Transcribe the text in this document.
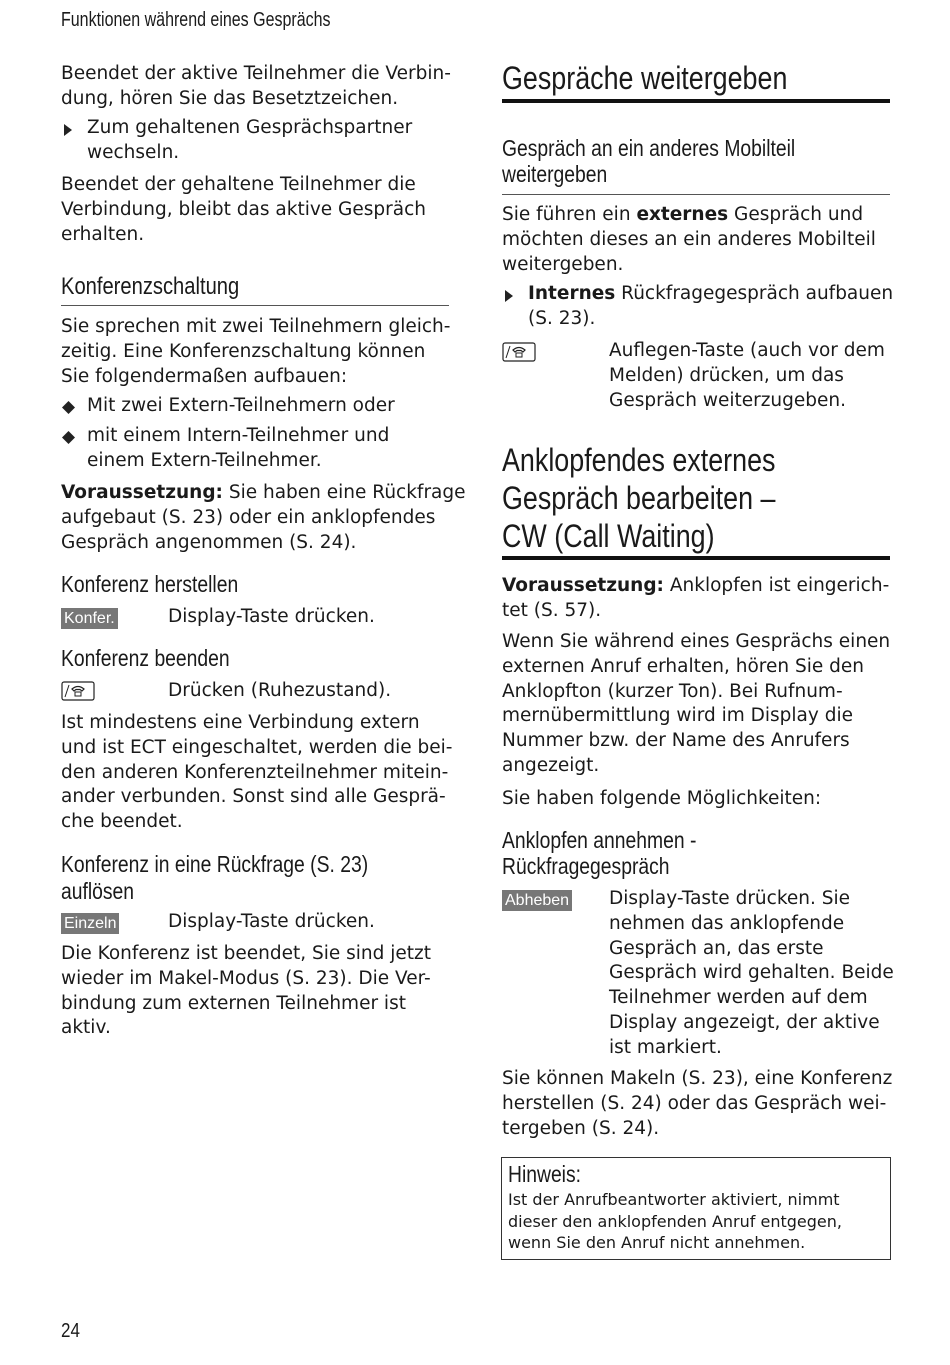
Funktionen während eines Gesprächs

Beendet der aktive Teilnehmer die Verbin-
dung, hören Sie das Besetztzeichen.

Zum gehaltenen Gesprächspartner
wechseln.

Beendet der gehaltene Teilnehmer die
Verbindung, bleibt das aktive Gespräch
erhalten.

Konferenzschaltung

Sie sprechen mit zwei Teilnehmern gleich-
zeitig. Eine Konferenzschaltung können
Sie folgendermaßen aufbauen:

Mit zwei Extern-Teilnehmern oder

mit einem Intern-Teilnehmer und
einem Extern-Teilnehmer.

Voraussetzung: Sie haben eine Rückfrage
aufgebaut (S. 23) oder ein anklopfendes
Gespräch angenommen (S. 24).

Konferenz herstellen
Konfer.	Display-Taste drücken.
Konferenz beenden
Drücken (Ruhezustand).

Ist mindestens eine Verbindung extern
und ist ECT eingeschaltet, werden die bei-
den anderen Konferenzteilnehmer mitein-
ander verbunden. Sonst sind alle Gesprä-
che beendet.

Konferenz in eine Rückfrage (S. 23)
auflösen
Einzeln	Display-Taste drücken.

Die Konferenz ist beendet, Sie sind jetzt
wieder im Makel-Modus (S. 23). Die Ver-
bindung zum externen Teilnehmer ist
aktiv.

Gespräche weitergeben
Gespräch an ein anderes Mobilteil
weitergeben

Sie führen ein externes Gespräch und
möchten dieses an ein anderes Mobilteil
weitergeben.

Internes Rückfragegespräch aufbauen
(S. 23).

Auflegen-Taste (auch vor dem
Melden) drücken, um das
Gespräch weiterzugeben.

Anklopfendes externes
Gespräch bearbeiten –
CW (Call Waiting)

Voraussetzung: Anklopfen ist eingerich-
tet (S. 57).

Wenn Sie während eines Gesprächs einen
externen Anruf erhalten, hören Sie den
Anklopfton (kurzer Ton). Bei Rufnum-
mernübermittlung wird im Display die
Nummer bzw. der Name des Anrufers
angezeigt.

Sie haben folgende Möglichkeiten:

Anklopfen annehmen -
Rückfragegespräch
Abheben Display-Taste drücken. Sie
nehmen das anklopfende
Gespräch an, das erste
Gespräch wird gehalten. Beide
Teilnehmer werden auf dem
Display angezeigt, der aktive
ist markiert.

Sie können Makeln (S. 23), eine Konferenz
herstellen (S. 24) oder das Gespräch wei-
tergeben (S. 24).

Hinweis:
Ist der Anrufbeantworter aktiviert, nimmt
dieser den anklopfenden Anruf entgegen,
wenn Sie den Anruf nicht annehmen.
24
